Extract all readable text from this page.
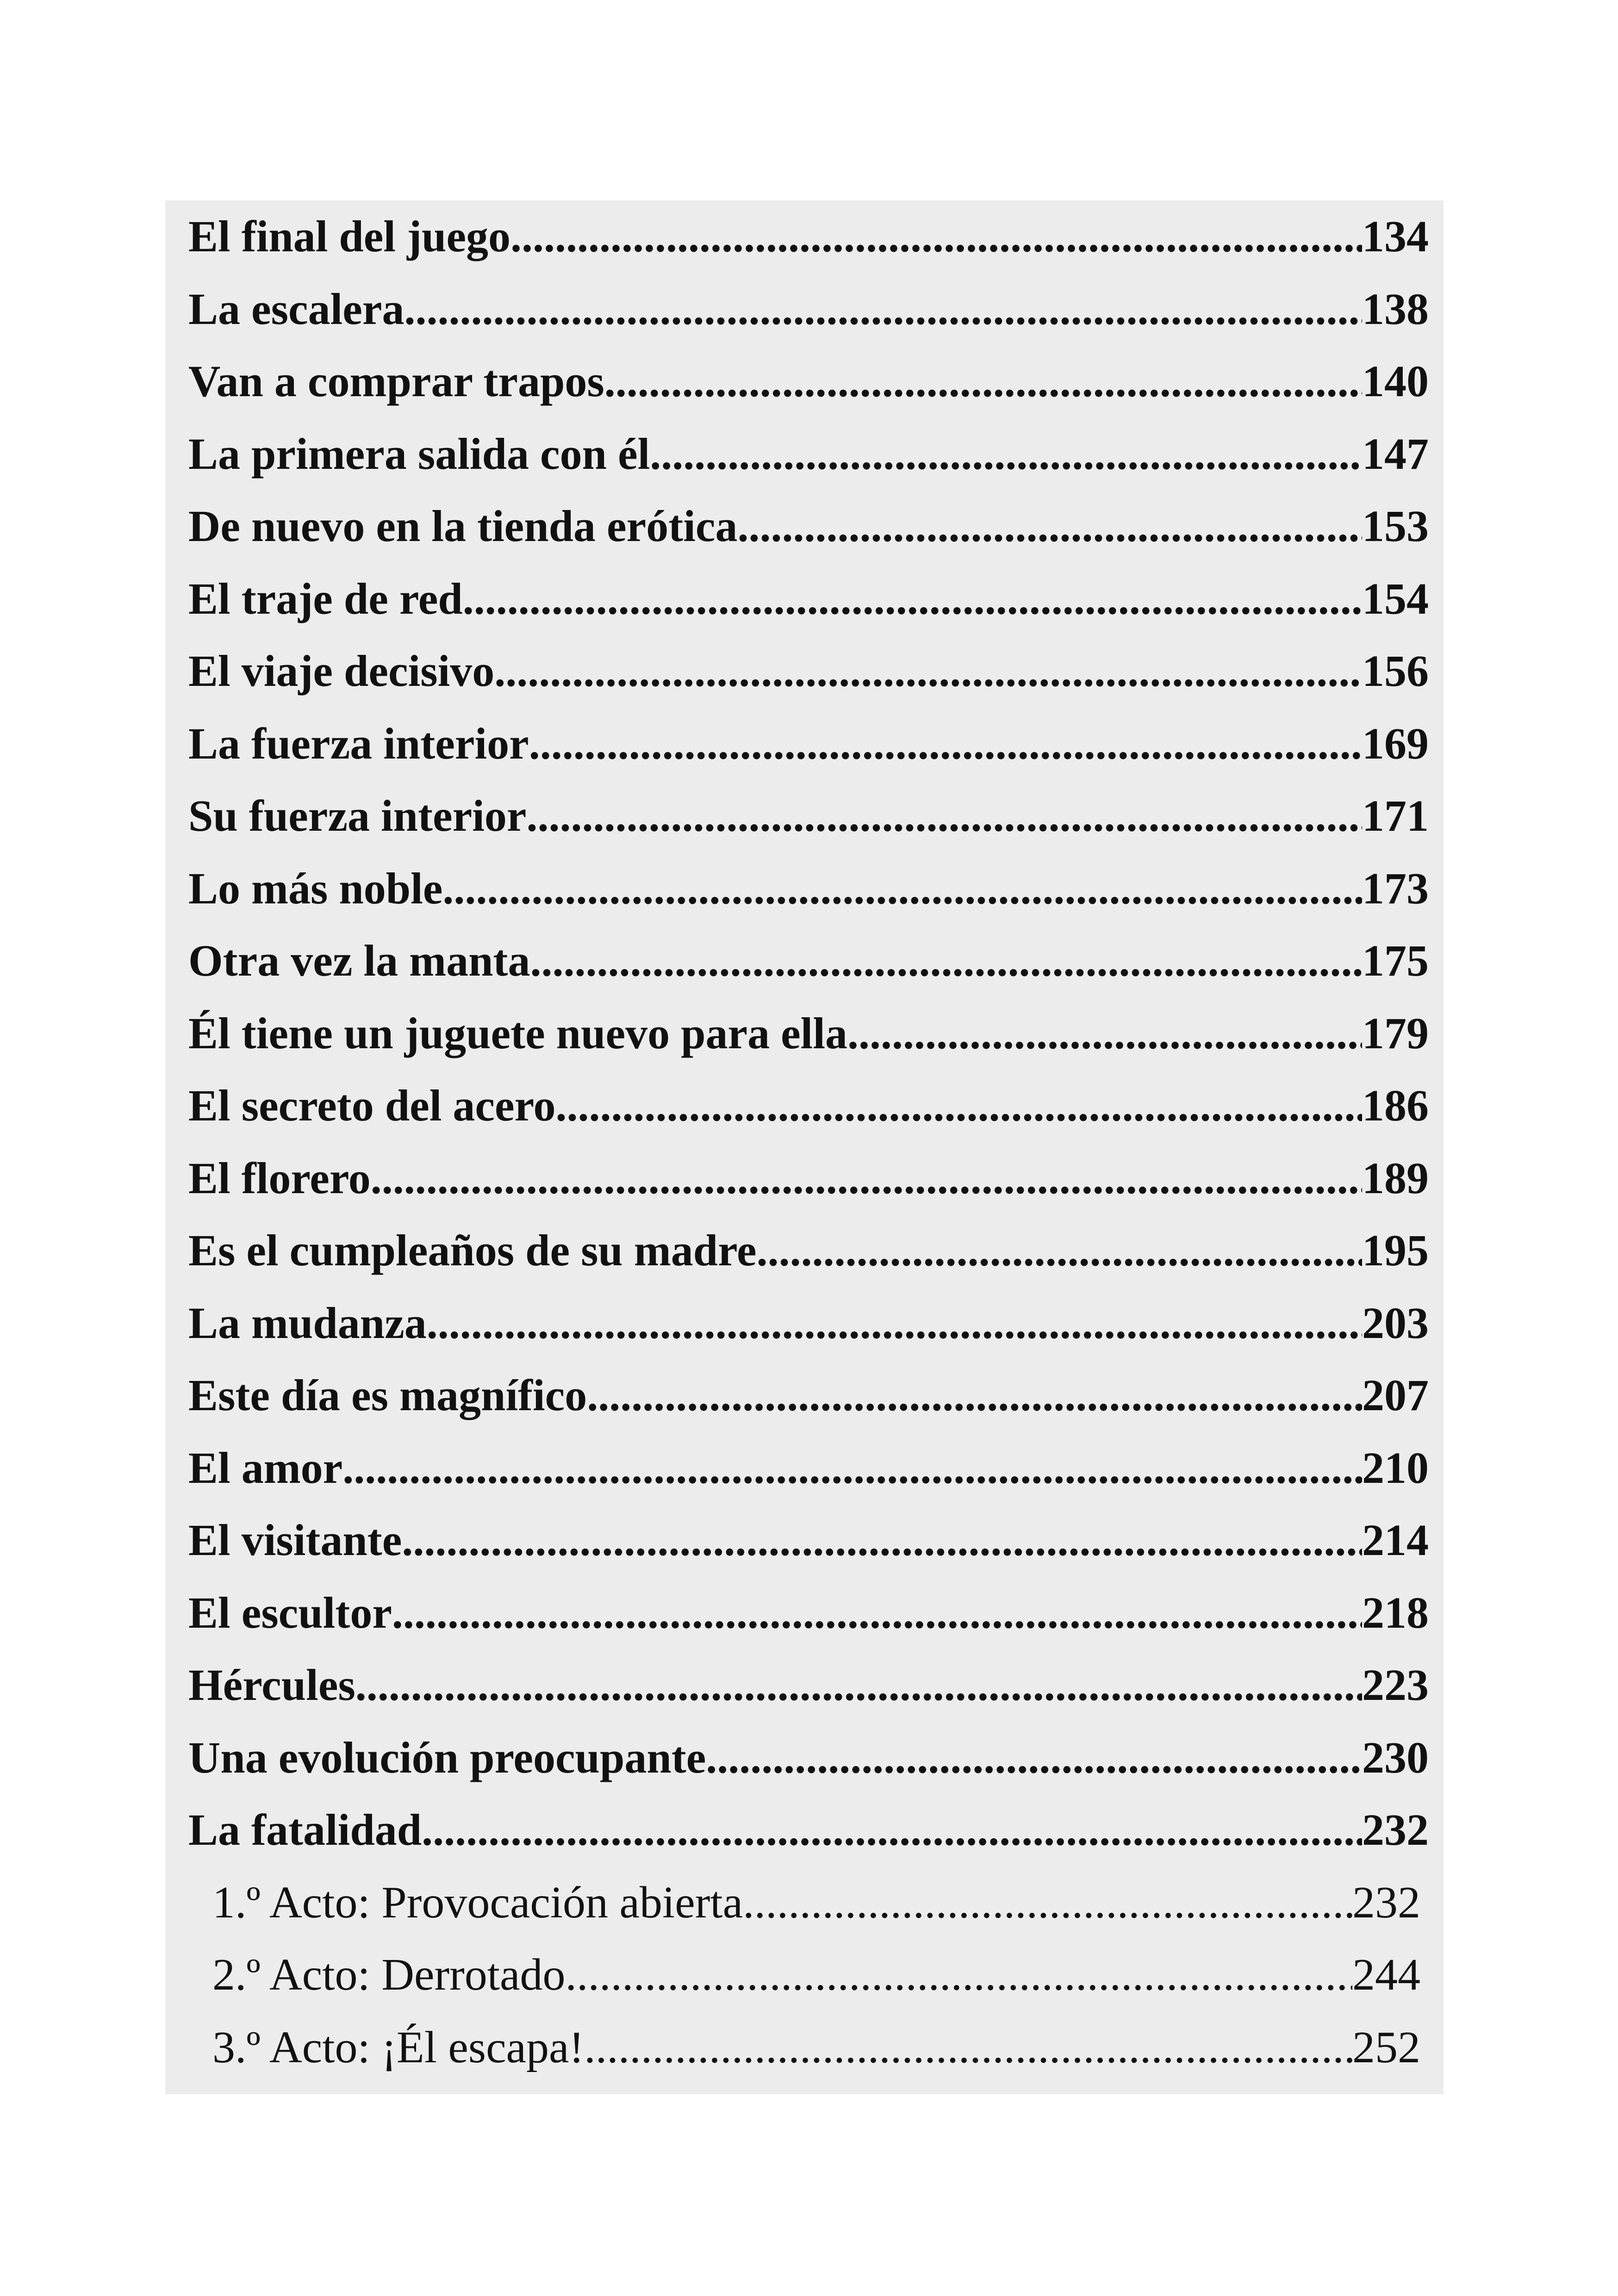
El final del juego .....	134
La escalera .....	138
Van a comprar trapos .....	140
La primera salida con él .....	147
De nuevo en la tienda erótica .....	153
El traje de red .....	154
El viaje decisivo .....	156
La fuerza interior .....	169
Su fuerza interior .....	171
Lo más noble .....	173
Otra vez la manta .....	175
Él tiene un juguete nuevo para ella .....	179
El secreto del acero .....	186
El florero .....	189
Es el cumpleaños de su madre .....	195
La mudanza .....	203
Este día es magnífico .....	207
El amor .....	210
El visitante .....	214
El escultor .....	218
Hércules .....	223
Una evolución preocupante .....	230
La fatalidad .....	232
1.º Acto: Provocación abierta .....	232
2.º Acto: Derrotado .....	244
3.º Acto: ¡Él escapa! .....	252
